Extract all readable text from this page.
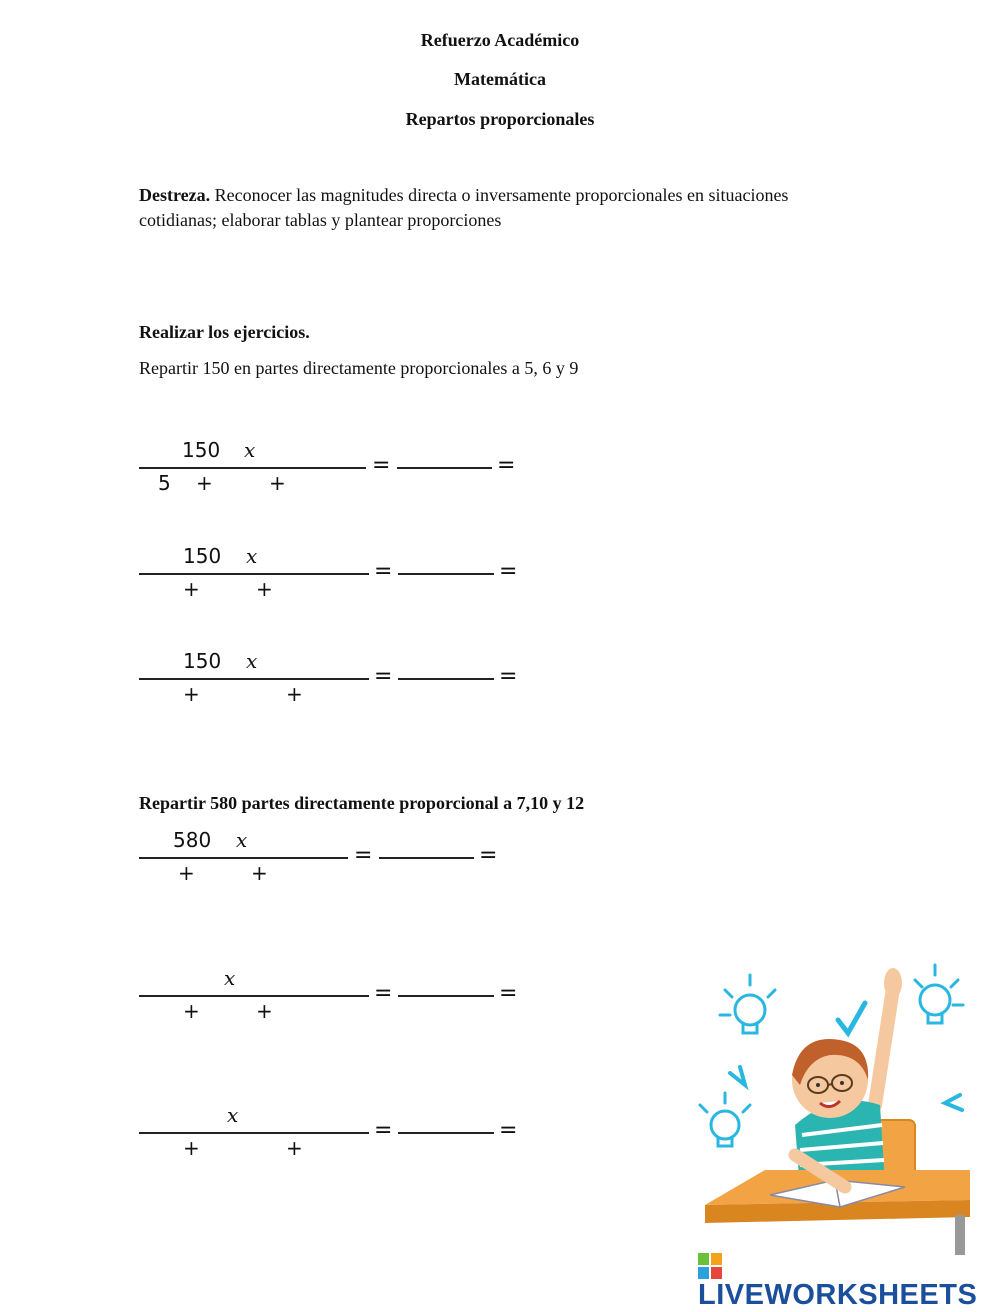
Refuerzo Académico
Matemática
Repartos proporcionales
Destreza. Reconocer las magnitudes directa o inversamente proporcionales en situaciones
cotidianas; elaborar tablas y plantear proporciones
Realizar los ejercicios.
Repartir 150 en partes directamente proporcionales a 5, 6 y 9
150 x
5 +	+
=	=
150 x
+	+
=	=
150 x
+	+
=	=
Repartir 580 partes directamente proporcional a 7,10 y 12
580 x
+	+
=	=
x
+	+
=	=
x
+	+
=	=
LIVEWORKSHEETS
